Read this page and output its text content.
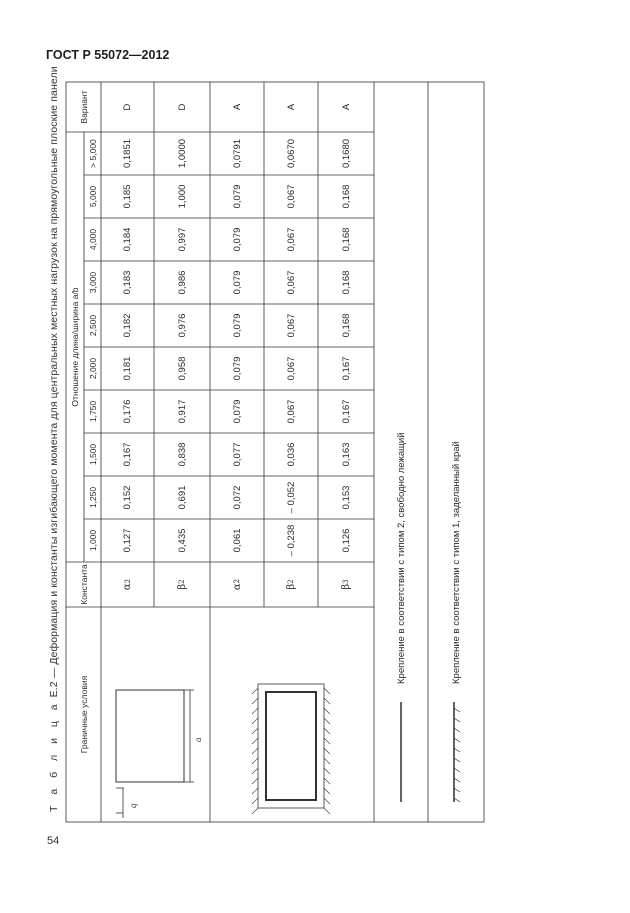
ГОСТ Р 55072—2012
54
Т а б л и ц а Е.2 — Деформация и константы изгибающего момента для центральных местных нагрузок на прямоугольные плоские панели
a
q
Граничные условия
Константа
Отношение длина/ширина a/b
Вариант
1,000
1,250
1,500
1,750
2,000
2,500
3,000
4,000
5,000
> 5,000
α
2
0,127
0,152
0,167
0,176
0,181
0,182
0,183
0,184
0,185
0,1851
D
β
2
0,435
0,691
0,838
0,917
0,958
0,976
0,986
0,997
1,000
1,0000
D
α
2
0,061
0,072
0,077
0,079
0,079
0,079
0,079
0,079
0,079
0,0791
A
β
2
– 0,238
– 0,052
0,036
0,067
0,067
0,067
0,067
0,067
0,067
0,0670
A
β
3
0,126
0,153
0,163
0,167
0,167
0,168
0,168
0,168
0,168
0,1680
A
Крепление в соответствии с типом 2, свободно лежащий	Крепление в соответствии с типом 1, заделанный край
